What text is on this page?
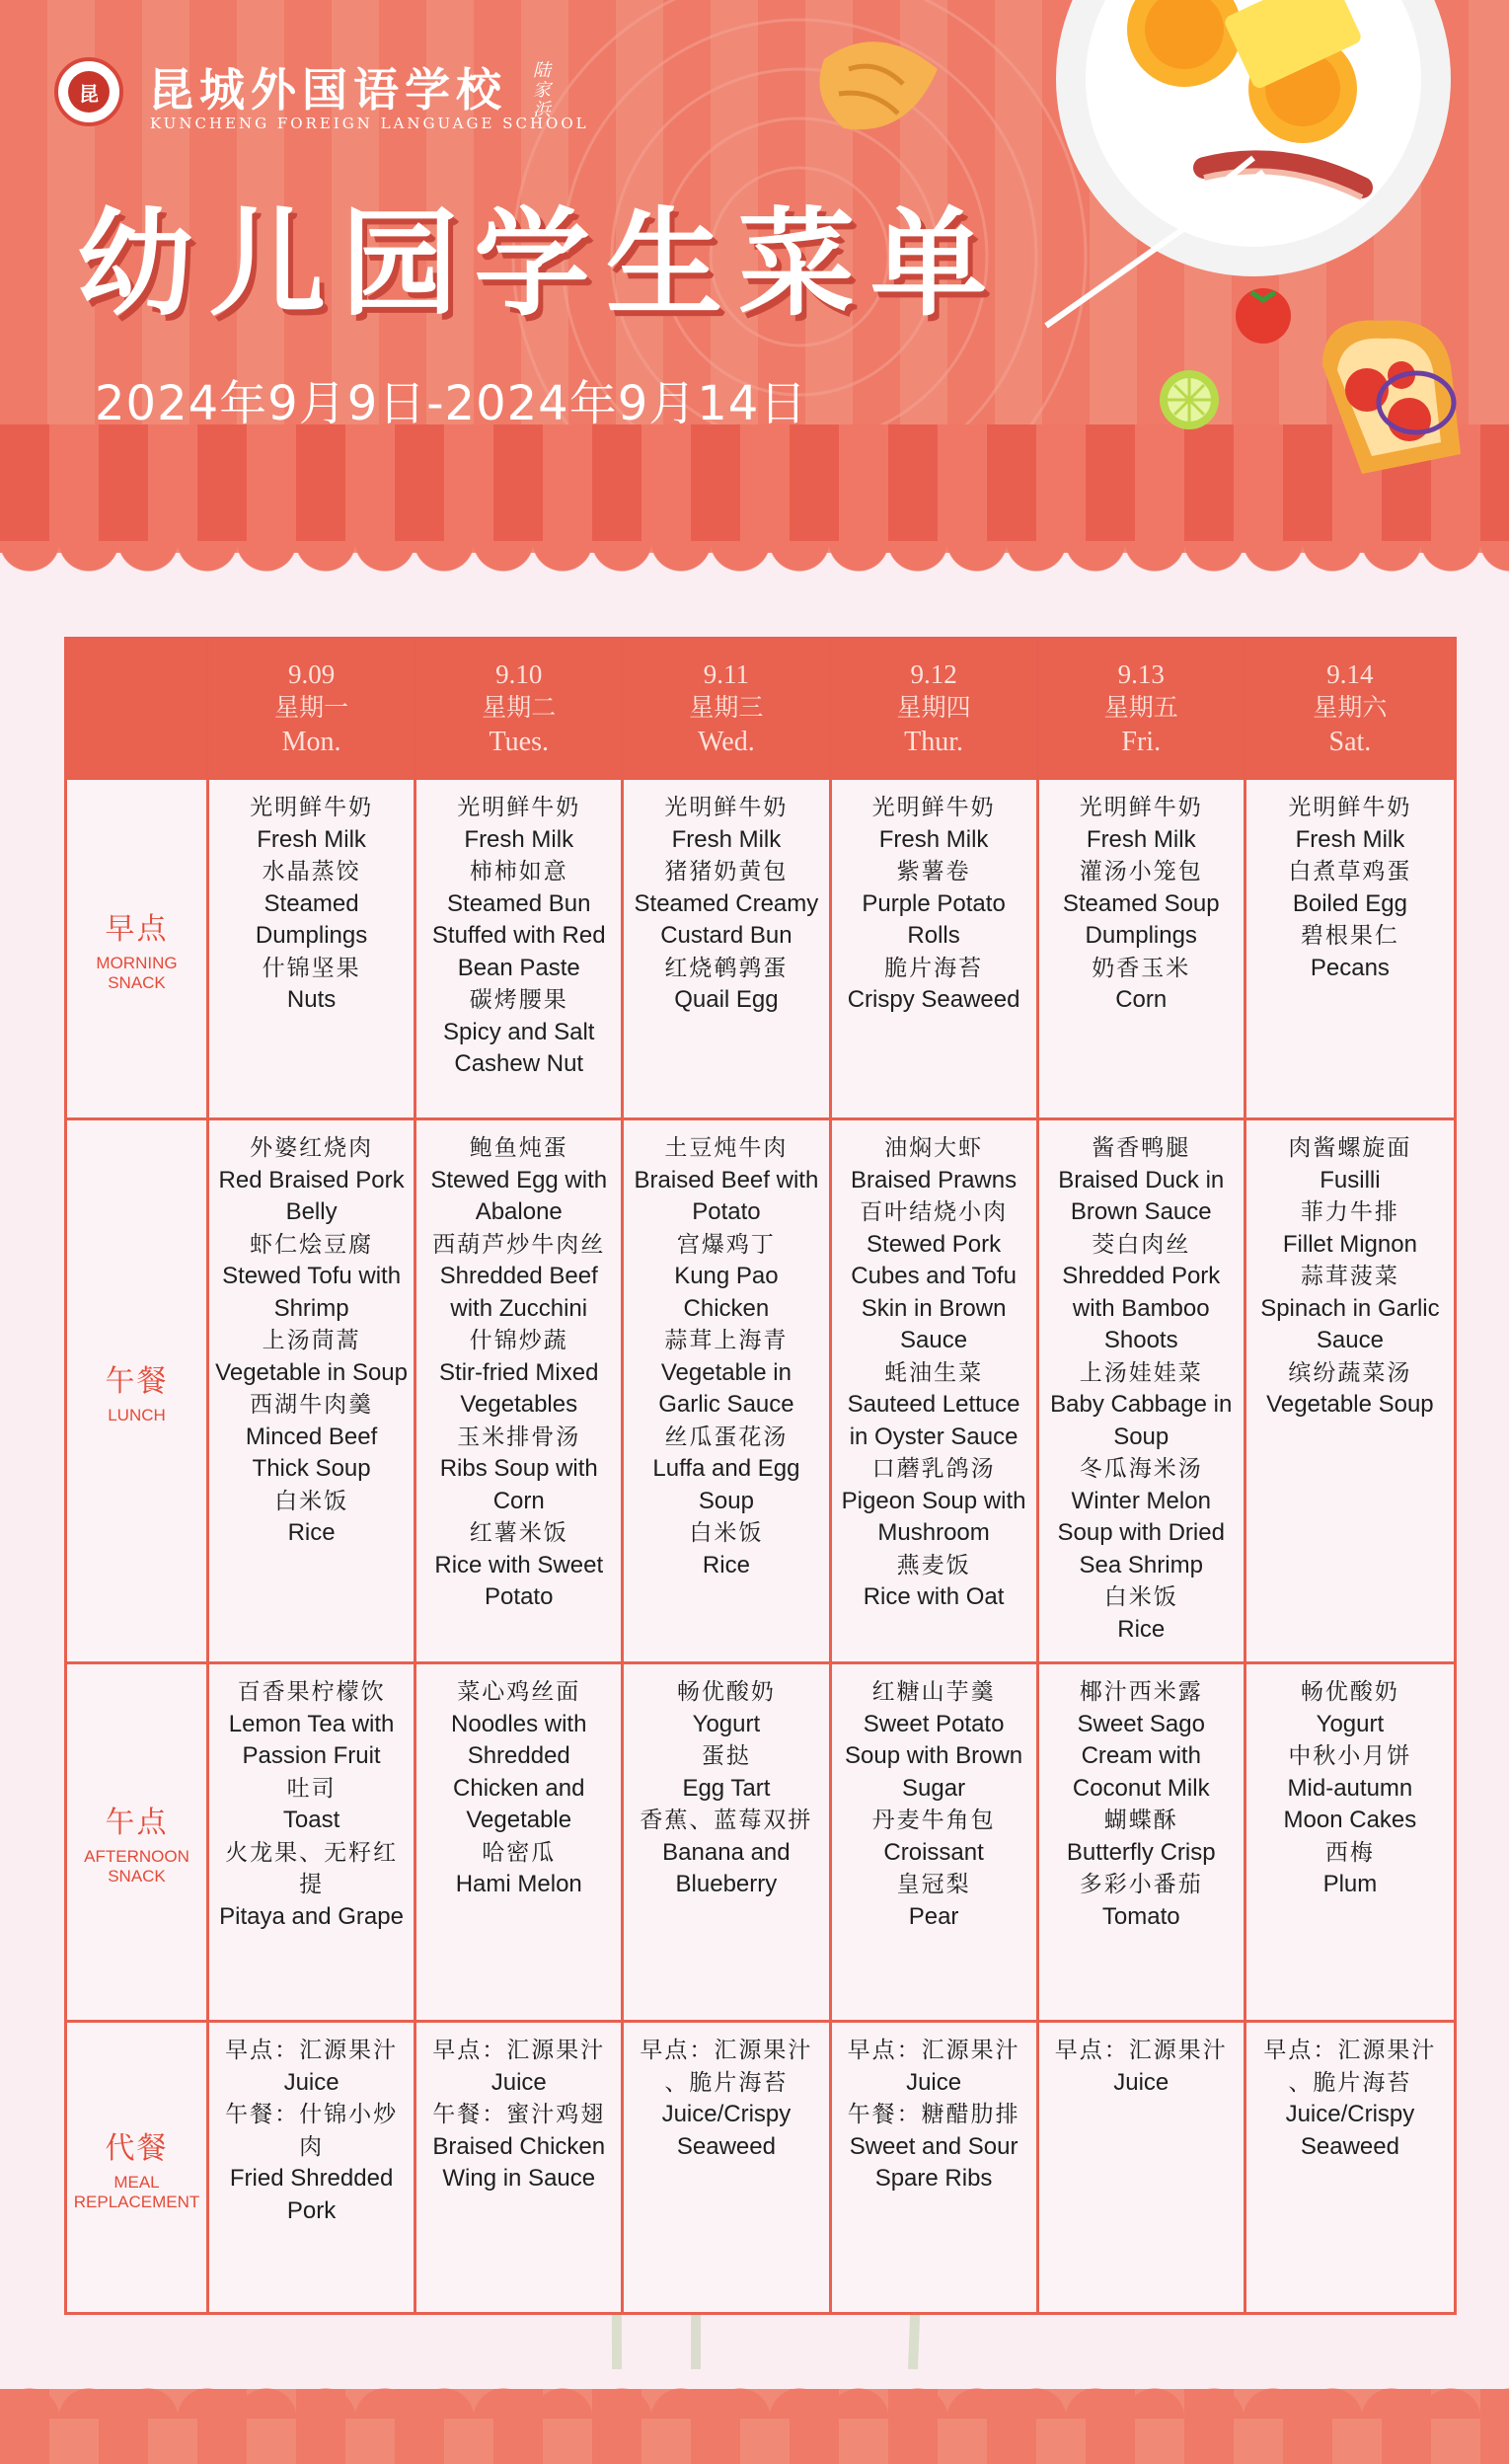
昆 昆城外国语学校 陆家浜
KUNCHENG FOREIGN LANGUAGE SCHOOL
幼儿园学生菜单
2024年9月9日-2024年9月14日
9.09
星期一
Mon.
9.10
星期二
Tues.
9.11
星期三
Wed.
9.12
星期四
Thur.
9.13
星期五
Fri.
9.14
星期六
Sat.
早点
MORNING SNACK
光明鲜牛奶
Fresh Milk
水晶蒸饺
Steamed
Dumplings
什锦坚果
Nuts
光明鲜牛奶
Fresh Milk
柿柿如意
Steamed Bun
Stuffed with Red
Bean Paste
碳烤腰果
Spicy and Salt
Cashew Nut
光明鲜牛奶
Fresh Milk
猪猪奶黄包
Steamed Creamy
Custard Bun
红烧鹌鹑蛋
Quail Egg
光明鲜牛奶
Fresh Milk
紫薯卷
Purple Potato
Rolls
脆片海苔
Crispy Seaweed
光明鲜牛奶
Fresh Milk
灌汤小笼包
Steamed Soup
Dumplings
奶香玉米
Corn
光明鲜牛奶
Fresh Milk
白煮草鸡蛋
Boiled Egg
碧根果仁
Pecans
午餐
LUNCH
外婆红烧肉
Red Braised Pork
Belly
虾仁烩豆腐
Stewed Tofu with
Shrimp
上汤茼蒿
Vegetable in Soup
西湖牛肉羹
Minced Beef
Thick Soup
白米饭
Rice
鲍鱼炖蛋
Stewed Egg with
Abalone
西葫芦炒牛肉丝
Shredded Beef
with Zucchini
什锦炒蔬
Stir-fried Mixed
Vegetables
玉米排骨汤
Ribs Soup with
Corn
红薯米饭
Rice with Sweet
Potato
土豆炖牛肉
Braised Beef with
Potato
宫爆鸡丁
Kung Pao Chicken
蒜茸上海青
Vegetable in
Garlic Sauce
丝瓜蛋花汤
Luffa and Egg
Soup
白米饭
Rice
油焖大虾
Braised Prawns
百叶结烧小肉
Stewed Pork
Cubes and Tofu
Skin in Brown
Sauce
蚝油生菜
Sauteed Lettuce
in Oyster Sauce
口蘑乳鸽汤
Pigeon Soup with
Mushroom
燕麦饭
Rice with Oat
酱香鸭腿
Braised Duck in
Brown Sauce
茭白肉丝
Shredded Pork
with Bamboo
Shoots
上汤娃娃菜
Baby Cabbage in
Soup
冬瓜海米汤
Winter Melon
Soup with Dried
Sea Shrimp
白米饭
Rice
肉酱螺旋面
Fusilli
菲力牛排
Fillet Mignon
蒜茸菠菜
Spinach in Garlic
Sauce
缤纷蔬菜汤
Vegetable Soup
午点
AFTERNOON SNACK
百香果柠檬饮
Lemon Tea with
Passion Fruit
吐司
Toast
火龙果、无籽红
提
Pitaya and Grape
菜心鸡丝面
Noodles with
Shredded
Chicken and
Vegetable
哈密瓜
Hami Melon
畅优酸奶
Yogurt
蛋挞
Egg Tart
香蕉、蓝莓双拼
Banana and
Blueberry
红糖山芋羹
Sweet Potato
Soup with Brown
Sugar
丹麦牛角包
Croissant
皇冠梨
Pear
椰汁西米露
Sweet Sago
Cream with
Coconut Milk
蝴蝶酥
Butterfly Crisp
多彩小番茄
Tomato
畅优酸奶
Yogurt
中秋小月饼
Mid-autumn
Moon Cakes
西梅
Plum
代餐
MEAL REPLACEMENT
早点：汇源果汁
Juice
午餐：什锦小炒
肉
Fried Shredded
Pork
早点：汇源果汁
Juice
午餐：蜜汁鸡翅
Braised Chicken
Wing in Sauce
早点：汇源果汁
、脆片海苔
Juice/Crispy
Seaweed
早点：汇源果汁
Juice
午餐：糖醋肋排
Sweet and Sour
Spare Ribs
早点：汇源果汁
Juice
早点：汇源果汁
、脆片海苔
Juice/Crispy
Seaweed
